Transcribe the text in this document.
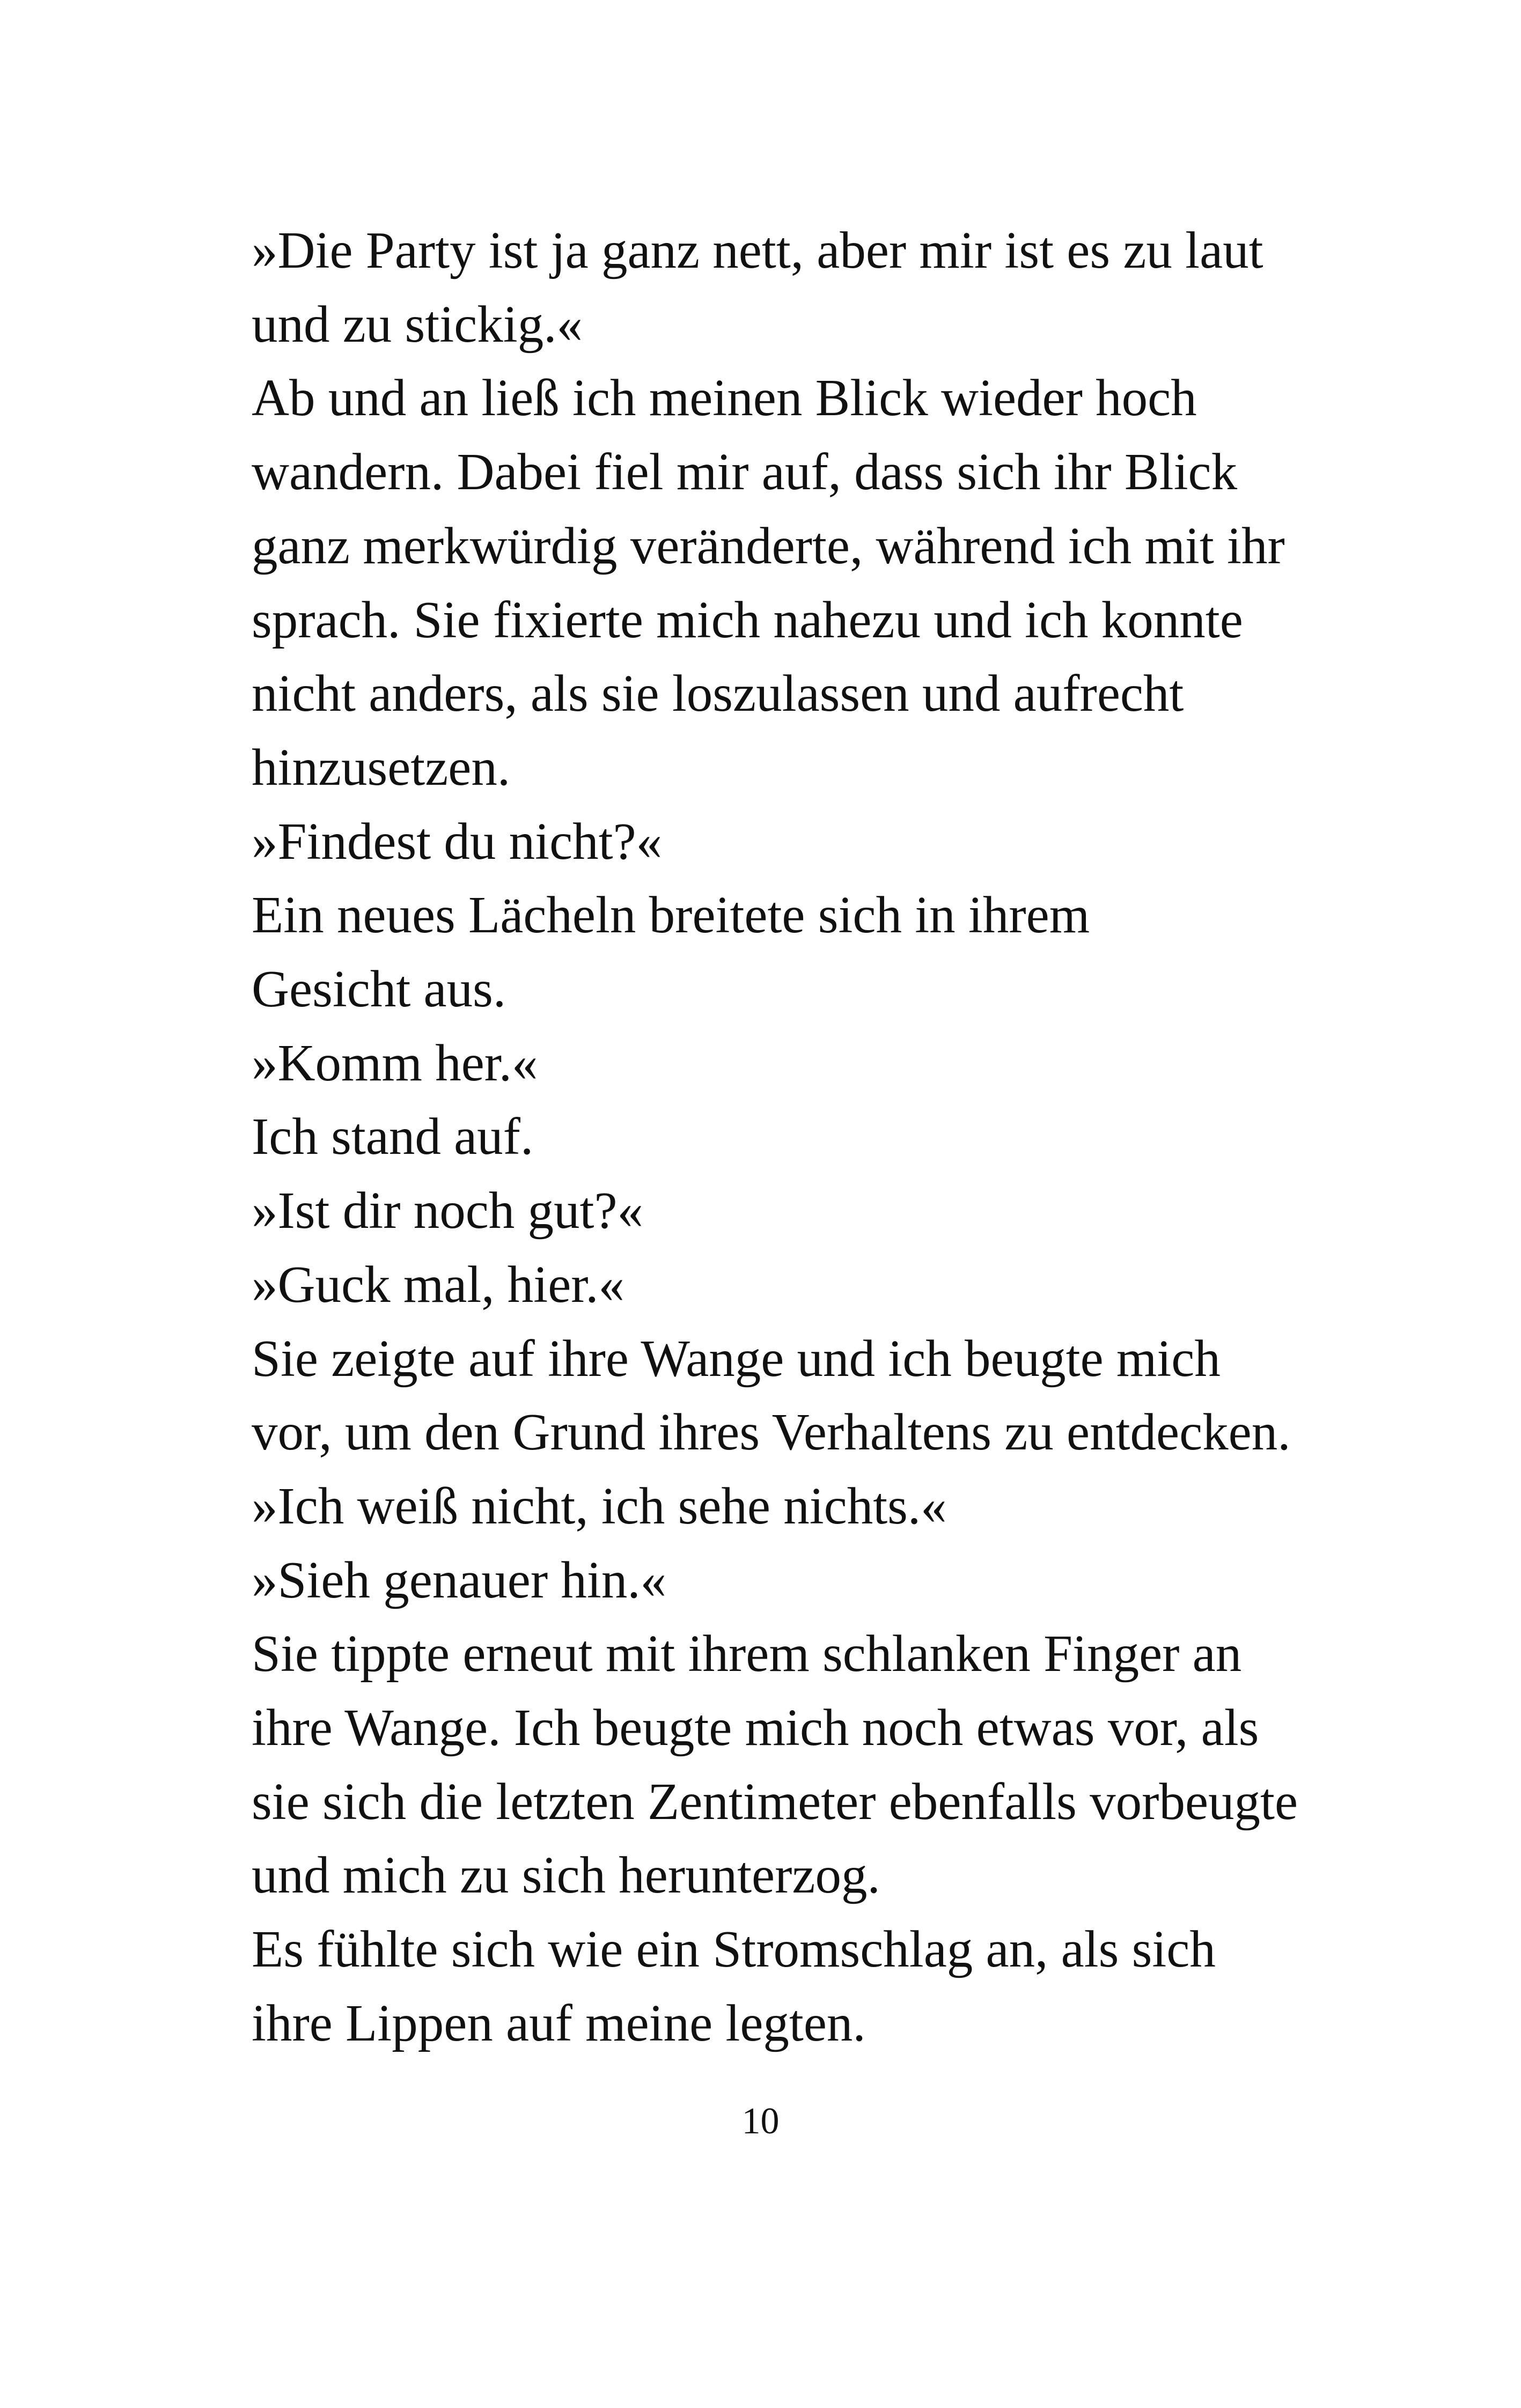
»Die Party ist ja ganz nett, aber mir ist es zu laut
und zu stickig.«

Ab und an ließ ich meinen Blick wieder hoch
wandern. Dabei fiel mir auf, dass sich ihr Blick
ganz merkwürdig veränderte, während ich mit ihr
sprach. Sie fixierte mich nahezu und ich konnte
nicht anders, als sie loszulassen und aufrecht
hinzusetzen.

»Findest du nicht?«

Ein neues Lächeln breitete sich in ihrem
Gesicht aus.

»Komm her.«

Ich stand auf.

»Ist dir noch gut?«

»Guck mal, hier.«

Sie zeigte auf ihre Wange und ich beugte mich
vor, um den Grund ihres Verhaltens zu entdecken.

»Ich weiß nicht, ich sehe nichts.«

»Sieh genauer hin.«

Sie tippte erneut mit ihrem schlanken Finger an
ihre Wange. Ich beugte mich noch etwas vor, als
sie sich die letzten Zentimeter ebenfalls vorbeugte
und mich zu sich herunterzog.

Es fühlte sich wie ein Stromschlag an, als sich
ihre Lippen auf meine legten.

10
